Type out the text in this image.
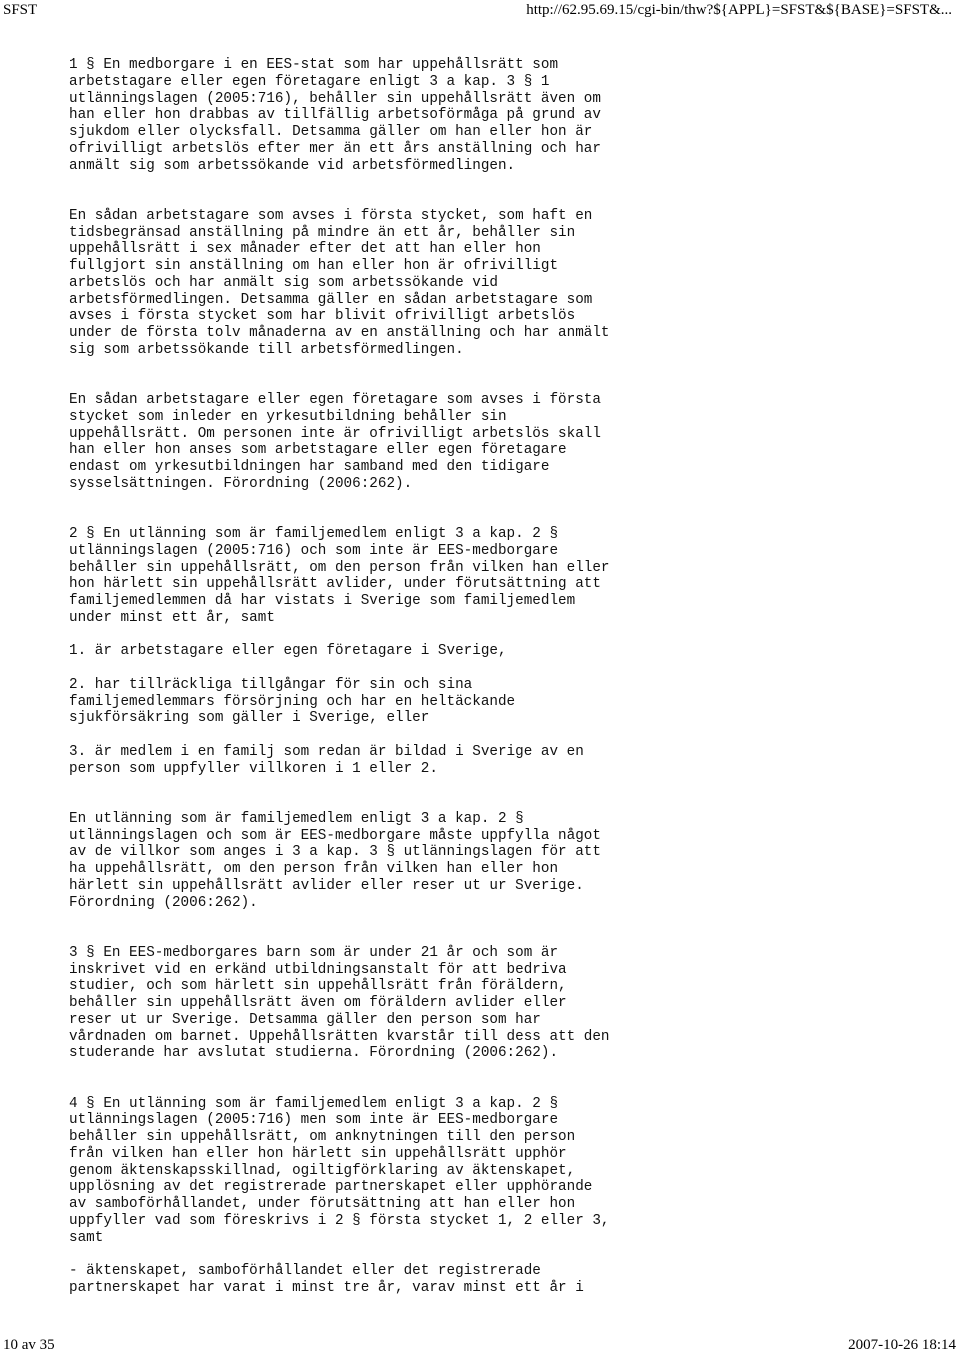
SFST	http://62.95.69.15/cgi-bin/thw?${APPL}=SFST&${BASE}=SFST&...

1 § En medborgare i en EES-stat som har uppehållsrätt som
arbetstagare eller egen företagare enligt 3 a kap. 3 § 1
utlänningslagen (2005:716), behåller sin uppehållsrätt även om
han eller hon drabbas av tillfällig arbetsoförmåga på grund av
sjukdom eller olycksfall. Detsamma gäller om han eller hon är
ofrivilligt arbetslös efter mer än ett års anställning och har
anmält sig som arbetssökande vid arbetsförmedlingen.

En sådan arbetstagare som avses i första stycket, som haft en
tidsbegränsad anställning på mindre än ett år, behåller sin
uppehållsrätt i sex månader efter det att han eller hon
fullgjort sin anställning om han eller hon är ofrivilligt
arbetslös och har anmält sig som arbetssökande vid
arbetsförmedlingen. Detsamma gäller en sådan arbetstagare som
avses i första stycket som har blivit ofrivilligt arbetslös
under de första tolv månaderna av en anställning och har anmält
sig som arbetssökande till arbetsförmedlingen.

En sådan arbetstagare eller egen företagare som avses i första
stycket som inleder en yrkesutbildning behåller sin
uppehållsrätt. Om personen inte är ofrivilligt arbetslös skall
han eller hon anses som arbetstagare eller egen företagare
endast om yrkesutbildningen har samband med den tidigare
sysselsättningen. Förordning (2006:262).

2 § En utlänning som är familjemedlem enligt 3 a kap. 2 §
utlänningslagen (2005:716) och som inte är EES-medborgare
behåller sin uppehållsrätt, om den person från vilken han eller
hon härlett sin uppehållsrätt avlider, under förutsättning att
familjemedlemmen då har vistats i Sverige som familjemedlem
under minst ett år, samt

1. är arbetstagare eller egen företagare i Sverige,

2. har tillräckliga tillgångar för sin och sina
familjemedlemmars försörjning och har en heltäckande
sjukförsäkring som gäller i Sverige, eller

3. är medlem i en familj som redan är bildad i Sverige av en
person som uppfyller villkoren i 1 eller 2.

En utlänning som är familjemedlem enligt 3 a kap. 2 §
utlänningslagen och som är EES-medborgare måste uppfylla något
av de villkor som anges i 3 a kap. 3 § utlänningslagen för att
ha uppehållsrätt, om den person från vilken han eller hon
härlett sin uppehållsrätt avlider eller reser ut ur Sverige.
Förordning (2006:262).

3 § En EES-medborgares barn som är under 21 år och som är
inskrivet vid en erkänd utbildningsanstalt för att bedriva
studier, och som härlett sin uppehållsrätt från föräldern,
behåller sin uppehållsrätt även om föräldern avlider eller
reser ut ur Sverige. Detsamma gäller den person som har
vårdnaden om barnet. Uppehållsrätten kvarstår till dess att den
studerande har avslutat studierna. Förordning (2006:262).

4 § En utlänning som är familjemedlem enligt 3 a kap. 2 §
utlänningslagen (2005:716) men som inte är EES-medborgare
behåller sin uppehållsrätt, om anknytningen till den person
från vilken han eller hon härlett sin uppehållsrätt upphör
genom äktenskapsskillnad, ogiltigförklaring av äktenskapet,
upplösning av det registrerade partnerskapet eller upphörande
av samboförhållandet, under förutsättning att han eller hon
uppfyller vad som föreskrivs i 2 § första stycket 1, 2 eller 3,
samt

- äktenskapet, samboförhållandet eller det registrerade
partnerskapet har varat i minst tre år, varav minst ett år i

10 av 35	2007-10-26 18:14
